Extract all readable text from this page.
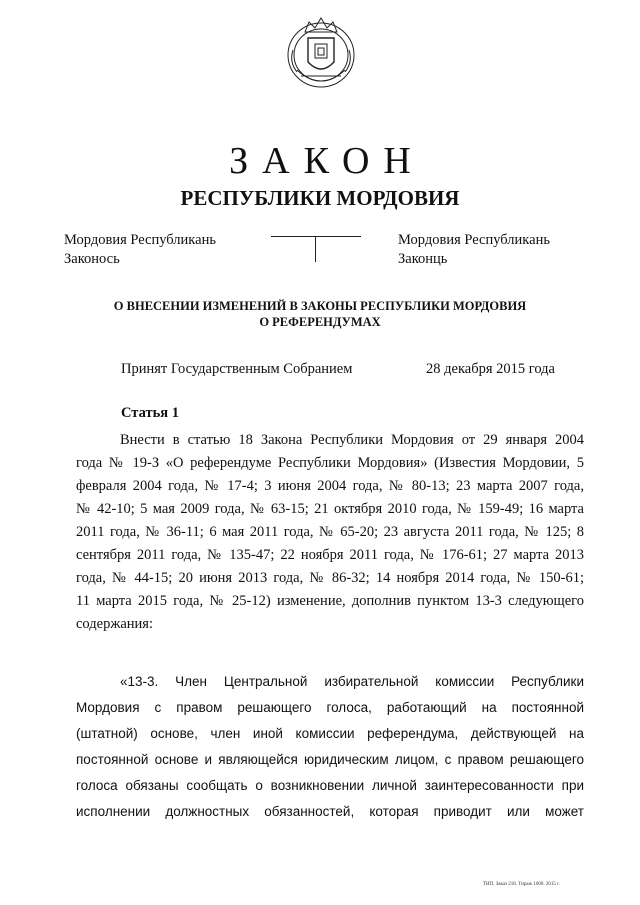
ЗАКОН
РЕСПУБЛИКИ МОРДОВИЯ
Мордовия Республикань
Законось
Мордовия Республикань
Законць
О ВНЕСЕНИИ ИЗМЕНЕНИЙ В ЗАКОНЫ РЕСПУБЛИКИ МОРДОВИЯ
О РЕФЕРЕНДУМАХ
Принят Государственным Собранием	28 декабря 2015 года
Статья 1
Внести в статью 18 Закона Республики Мордовия от 29 января 2004
года № 19-З «О референдуме Республики Мордовия» (Известия Мордовии, 5
февраля 2004 года, № 17-4; 3 июня 2004 года, № 80-13; 23 марта 2007 года,
№ 42-10; 5 мая 2009 года, № 63-15; 21 октября 2010 года, № 159-49; 16 марта
2011 года, № 36-11; 6 мая 2011 года, № 65-20; 23 августа 2011 года, № 125; 8
сентября 2011 года, № 135-47; 22 ноября 2011 года, № 176-61; 27 марта 2013
года, № 44-15; 20 июня 2013 года, № 86-32; 14 ноября 2014 года, № 150-61;
11 марта 2015 года, № 25-12) изменение, дополнив пунктом 13-3 следующего
содержания:
«13-3. Член Центральной избирательной комиссии Республики
Мордовия с правом решающего голоса, работающий на постоянной
(штатной) основе, член иной комиссии референдума, действующей на
постоянной основе и являющейся юридическим лицом, с правом решающего
голоса обязаны сообщать о возникновении личной заинтересованности при
исполнении должностных обязанностей, которая приводит или может
ТИП. Заказ 218. Тираж 1000. 2015 г.
